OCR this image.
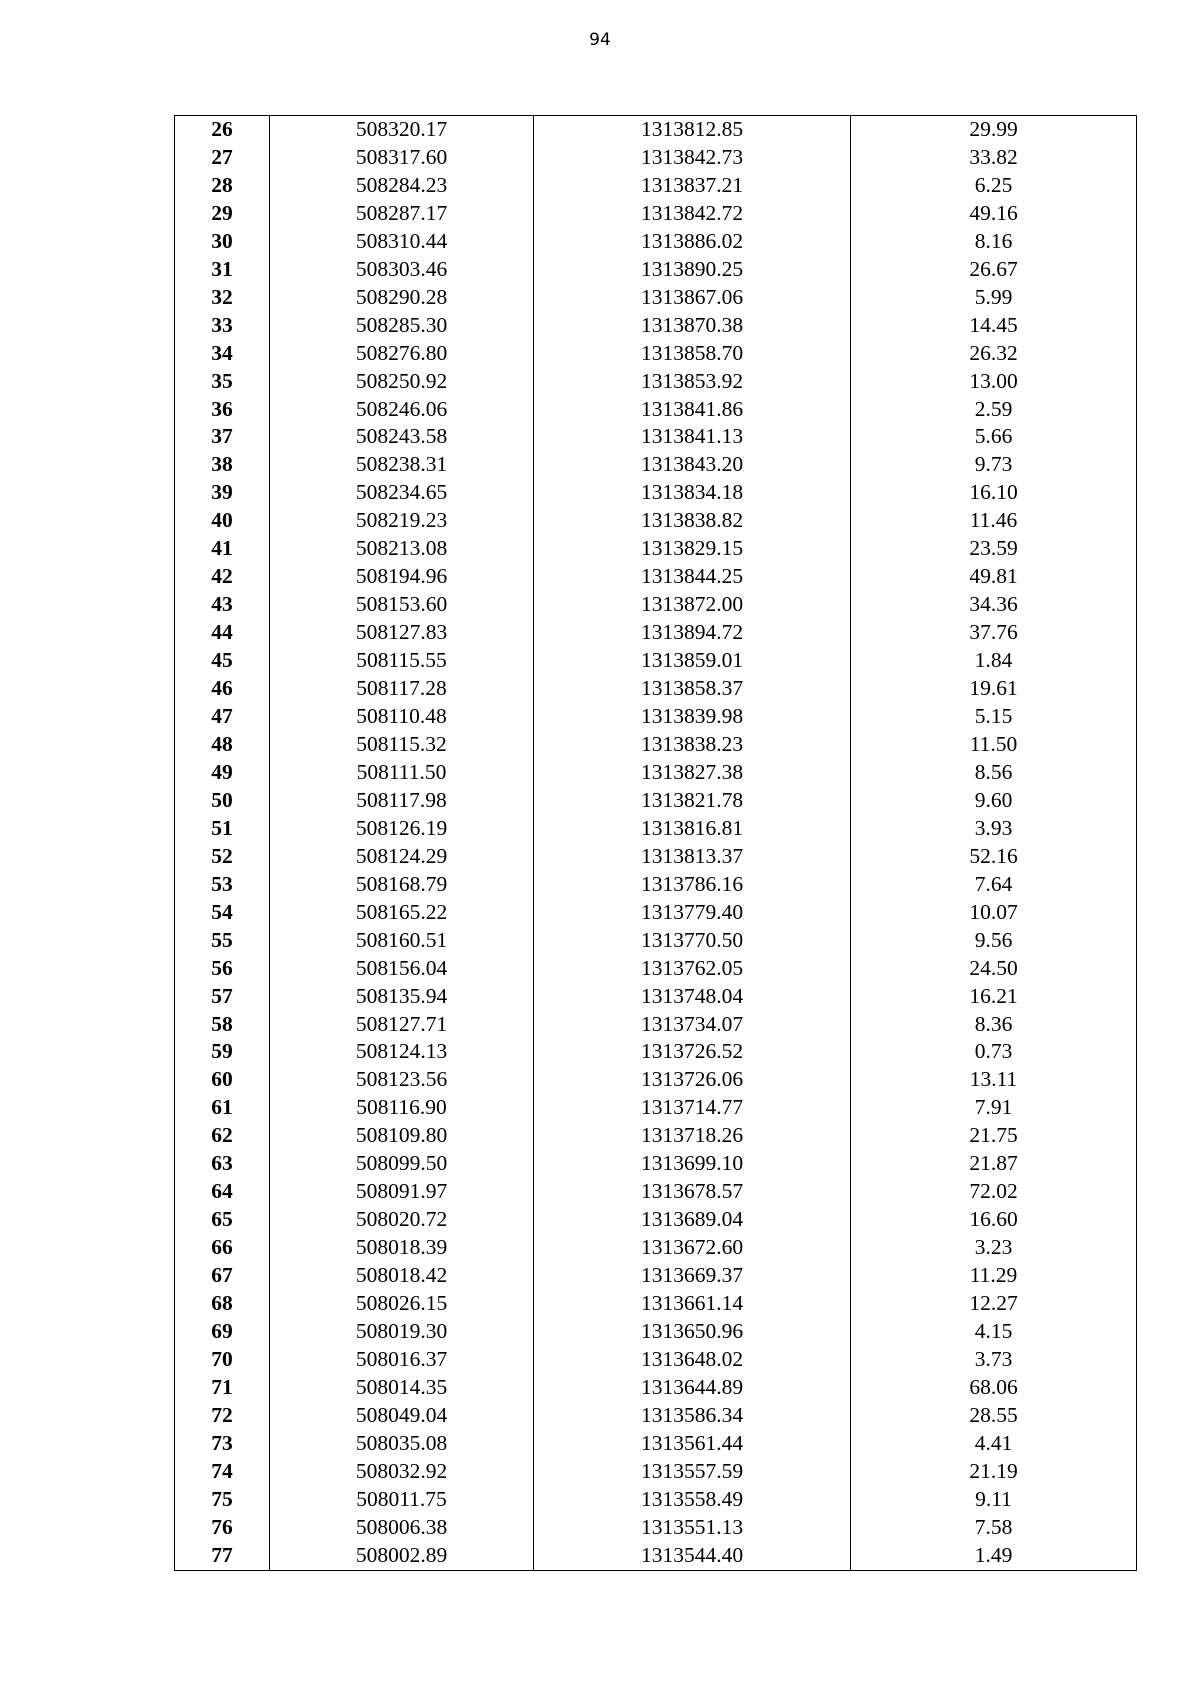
94
26	508320.17	1313812.85	29.99
27	508317.60	1313842.73	33.82
28	508284.23	1313837.21	6.25
29	508287.17	1313842.72	49.16
30	508310.44	1313886.02	8.16
31	508303.46	1313890.25	26.67
32	508290.28	1313867.06	5.99
33	508285.30	1313870.38	14.45
34	508276.80	1313858.70	26.32
35	508250.92	1313853.92	13.00
36	508246.06	1313841.86	2.59
37	508243.58	1313841.13	5.66
38	508238.31	1313843.20	9.73
39	508234.65	1313834.18	16.10
40	508219.23	1313838.82	11.46
41	508213.08	1313829.15	23.59
42	508194.96	1313844.25	49.81
43	508153.60	1313872.00	34.36
44	508127.83	1313894.72	37.76
45	508115.55	1313859.01	1.84
46	508117.28	1313858.37	19.61
47	508110.48	1313839.98	5.15
48	508115.32	1313838.23	11.50
49	508111.50	1313827.38	8.56
50	508117.98	1313821.78	9.60
51	508126.19	1313816.81	3.93
52	508124.29	1313813.37	52.16
53	508168.79	1313786.16	7.64
54	508165.22	1313779.40	10.07
55	508160.51	1313770.50	9.56
56	508156.04	1313762.05	24.50
57	508135.94	1313748.04	16.21
58	508127.71	1313734.07	8.36
59	508124.13	1313726.52	0.73
60	508123.56	1313726.06	13.11
61	508116.90	1313714.77	7.91
62	508109.80	1313718.26	21.75
63	508099.50	1313699.10	21.87
64	508091.97	1313678.57	72.02
65	508020.72	1313689.04	16.60
66	508018.39	1313672.60	3.23
67	508018.42	1313669.37	11.29
68	508026.15	1313661.14	12.27
69	508019.30	1313650.96	4.15
70	508016.37	1313648.02	3.73
71	508014.35	1313644.89	68.06
72	508049.04	1313586.34	28.55
73	508035.08	1313561.44	4.41
74	508032.92	1313557.59	21.19
75	508011.75	1313558.49	9.11
76	508006.38	1313551.13	7.58
77	508002.89	1313544.40	1.49
